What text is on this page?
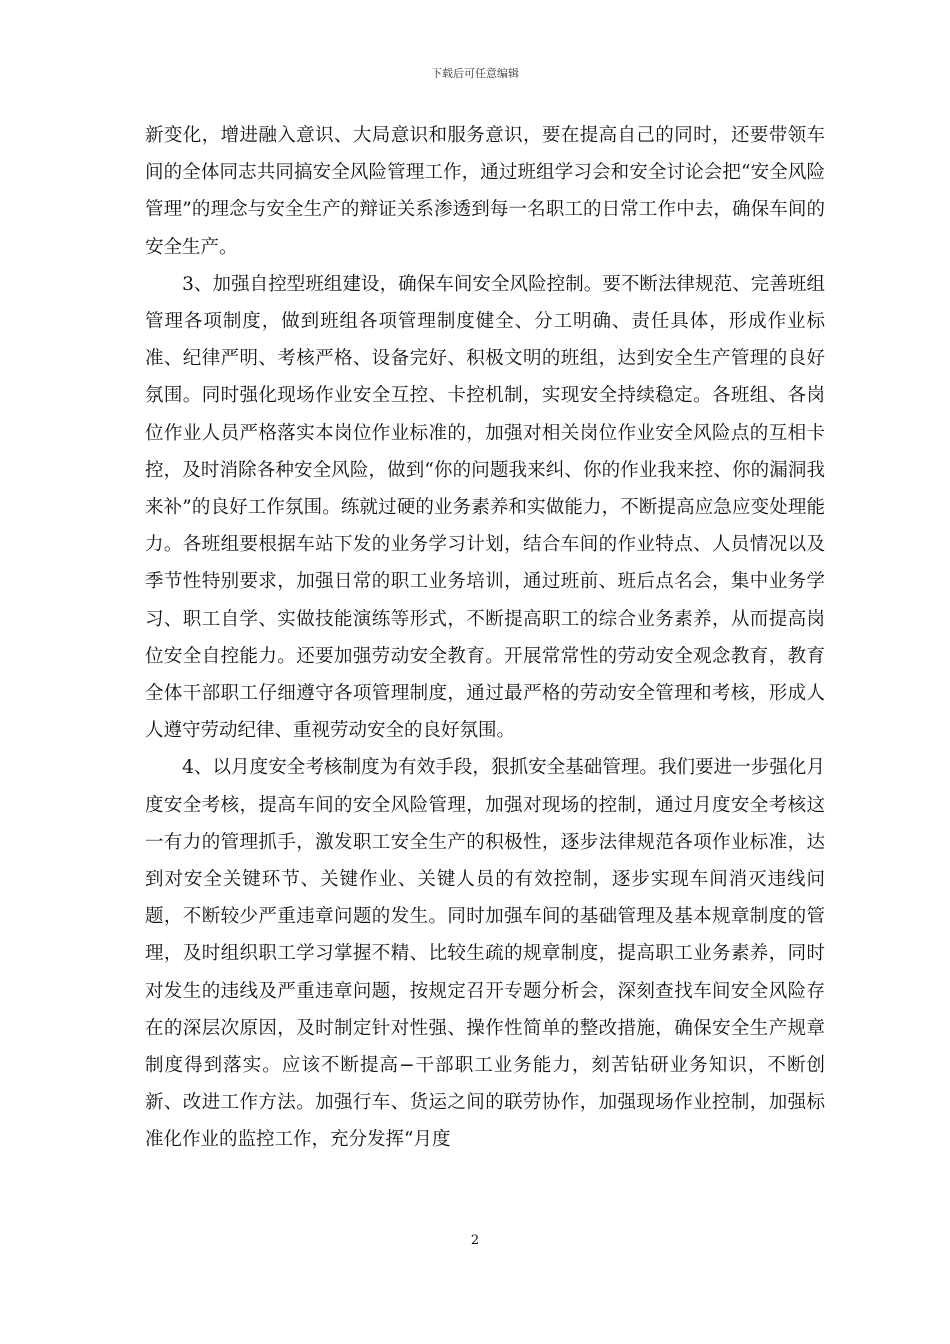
下载后可任意编辑

新变化，增进融入意识、大局意识和服务意识，要在提高自己的同时，还要带领车间的全体同志共同搞安全风险管理工作，通过班组学习会和安全讨论会把“安全风险管理”的理念与安全生产的辩证关系渗透到每一名职工的日常工作中去，确保车间的安全生产。

　　3、加强自控型班组建设，确保车间安全风险控制。要不断法律规范、完善班组管理各项制度，做到班组各项管理制度健全、分工明确、责任具体，形成作业标准、纪律严明、考核严格、设备完好、积极文明的班组，达到安全生产管理的良好氛围。同时强化现场作业安全互控、卡控机制，实现安全持续稳定。各班组、各岗位作业人员严格落实本岗位作业标准的，加强对相关岗位作业安全风险点的互相卡控，及时消除各种安全风险，做到“你的问题我来纠、你的作业我来控、你的漏洞我来补”的良好工作氛围。练就过硬的业务素养和实做能力，不断提高应急应变处理能力。各班组要根据车站下发的业务学习计划，结合车间的作业特点、人员情况以及季节性特别要求，加强日常的职工业务培训，通过班前、班后点名会，集中业务学习、职工自学、实做技能演练等形式，不断提高职工的综合业务素养，从而提高岗位安全自控能力。还要加强劳动安全教育。开展常常性的劳动安全观念教育，教育全体干部职工仔细遵守各项管理制度，通过最严格的劳动安全管理和考核，形成人人遵守劳动纪律、重视劳动安全的良好氛围。

　　4、以月度安全考核制度为有效手段，狠抓安全基础管理。我们要进一步强化月度安全考核，提高车间的安全风险管理，加强对现场的控制，通过月度安全考核这一有力的管理抓手，激发职工安全生产的积极性，逐步法律规范各项作业标准，达到对安全关键环节、关键作业、关键人员的有效控制，逐步实现车间消灭违线问题，不断较少严重违章问题的发生。同时加强车间的基础管理及基本规章制度的管理，及时组织职工学习掌握不精、比较生疏的规章制度，提高职工业务素养，同时对发生的违线及严重违章问题，按规定召开专题分析会，深刻查找车间安全风险存在的深层次原因，及时制定针对性强、操作性简单的整改措施，确保安全生产规章制度得到落实。应该不断提高−干部职工业务能力，刻苦钻研业务知识，不断创新、改进工作方法。加强行车、货运之间的联劳协作，加强现场作业控制，加强标准化作业的监控工作，充分发挥“月度

2
